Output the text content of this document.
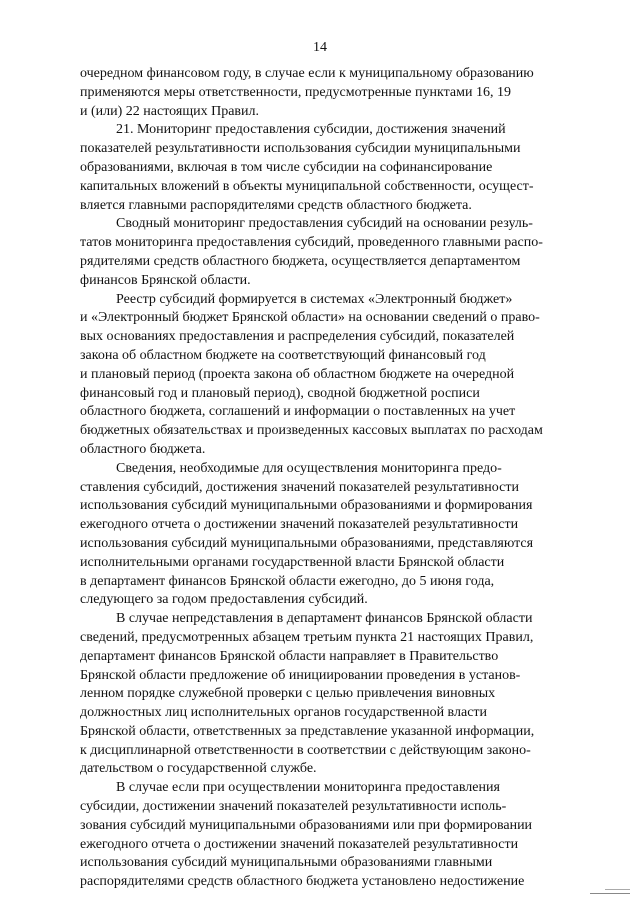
14

очередном финансовом году, в случае если к муниципальному образованию
применяются меры ответственности, предусмотренные пунктами 16, 19
и (или) 22 настоящих Правил.

21. Мониторинг предоставления субсидии, достижения значений
показателей результативности использования субсидии муниципальными
образованиями, включая в том числе субсидии на софинансирование
капитальных вложений в объекты муниципальной собственности, осущест-
вляется главными распорядителями средств областного бюджета.

Сводный мониторинг предоставления субсидий на основании резуль-
татов мониторинга предоставления субсидий, проведенного главными распо-
рядителями средств областного бюджета, осуществляется департаментом
финансов Брянской области.

Реестр субсидий формируется в системах «Электронный бюджет»
и «Электронный бюджет Брянской области» на основании сведений о право-
вых основаниях предоставления и распределения субсидий, показателей
закона об областном бюджете на соответствующий финансовый год
и плановый период (проекта закона об областном бюджете на очередной
финансовый год и плановый период), сводной бюджетной росписи
областного бюджета, соглашений и информации о поставленных на учет
бюджетных обязательствах и произведенных кассовых выплатах по расходам
областного бюджета.

Сведения, необходимые для осуществления мониторинга предо-
ставления субсидий, достижения значений показателей результативности
использования субсидий муниципальными образованиями и формирования
ежегодного отчета о достижении значений показателей результативности
использования субсидий муниципальными образованиями, представляются
исполнительными органами государственной власти Брянской области
в департамент финансов Брянской области ежегодно, до 5 июня года,
следующего за годом предоставления субсидий.

В случае непредставления в департамент финансов Брянской области
сведений, предусмотренных абзацем третьим пункта 21 настоящих Правил,
департамент финансов Брянской области направляет в Правительство
Брянской области предложение об инициировании проведения в установ-
ленном порядке служебной проверки с целью привлечения виновных
должностных лиц исполнительных органов государственной власти
Брянской области, ответственных за представление указанной информации,
к дисциплинарной ответственности в соответствии с действующим законо-
дательством о государственной службе.

В случае если при осуществлении мониторинга предоставления
субсидии, достижении значений показателей результативности исполь-
зования субсидий муниципальными образованиями или при формировании
ежегодного отчета о достижении значений показателей результативности
использования субсидий муниципальными образованиями главными
распорядителями средств областного бюджета установлено недостижение
